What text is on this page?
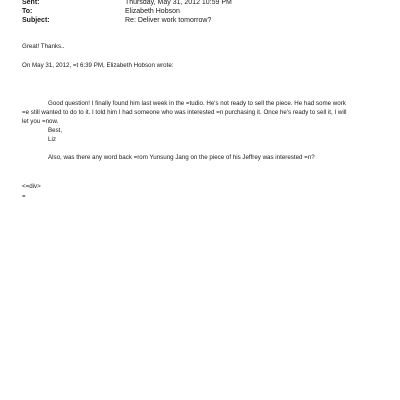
Sent:	Thursday, May 31, 2012 10:59 PM
To:	Elizabeth Hobson
Subject:	Re: Deliver work tomorrow?
Great! Thanks..
On May 31, 2012, =t 6:39 PM, Elizabeth Hobson wrote:
Good question! I finally found him last week in the =tudio. He's not ready to sell the piece. He had some work
=e still wanted to do to it. I told him I had someone who was interested =n purchasing it. Once he's ready to sell it, I will
let you =now.
Best,
Liz
Also, was there any word back =rom Yunsung Jang on the piece of his Jeffrey was interested =n?
<=div>
=
